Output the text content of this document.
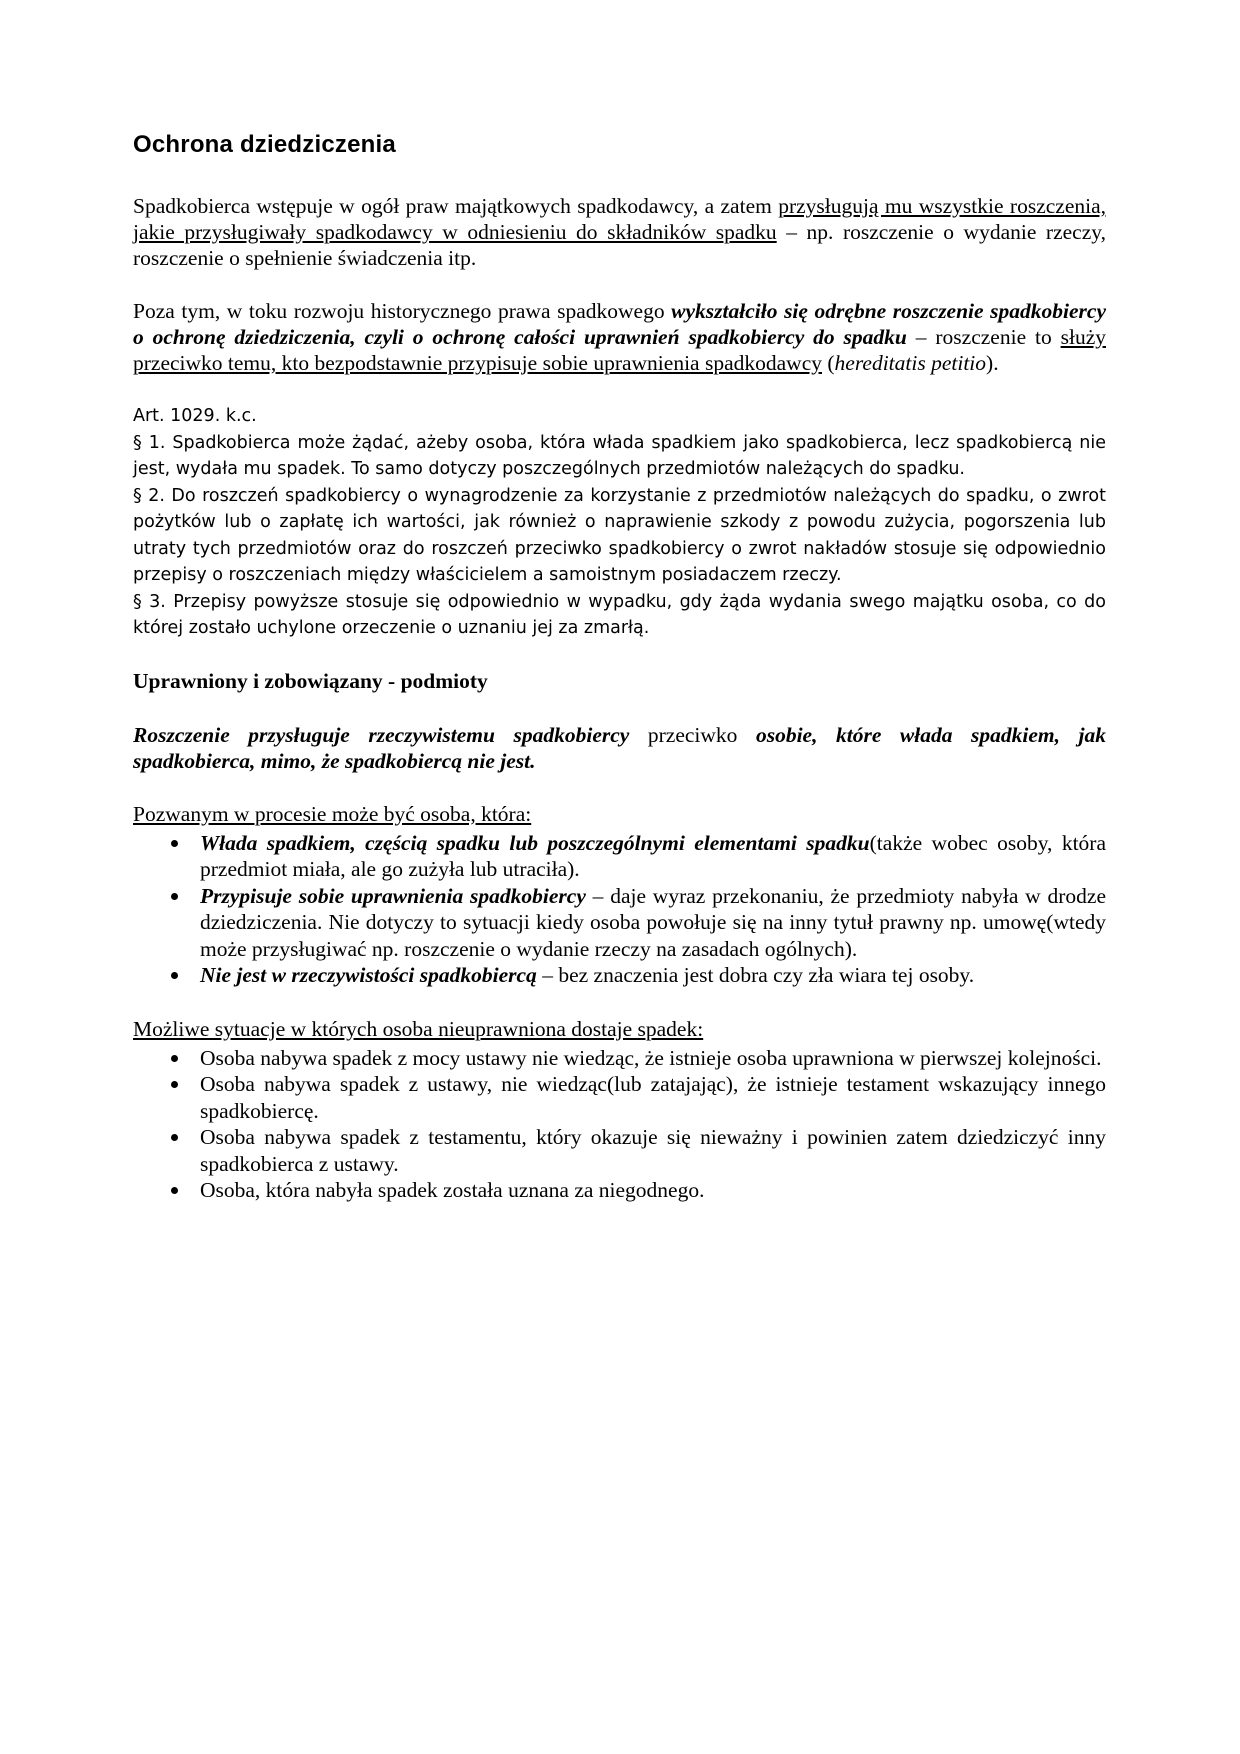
Ochrona dziedziczenia

Spadkobierca wstępuje w ogół praw majątkowych spadkodawcy, a zatem przysługują mu wszystkie roszczenia, jakie przysługiwały spadkodawcy w odniesieniu do składników spadku – np. roszczenie o wydanie rzeczy, roszczenie o spełnienie świadczenia itp.

Poza tym, w toku rozwoju historycznego prawa spadkowego wykształciło się odrębne roszczenie spadkobiercy o ochronę dziedziczenia, czyli o ochronę całości uprawnień spadkobiercy do spadku – roszczenie to służy przeciwko temu, kto bezpodstawnie przypisuje sobie uprawnienia spadkodawcy (hereditatis petitio).

Art. 1029. k.c.

§ 1. Spadkobierca może żądać, ażeby osoba, która włada spadkiem jako spadkobierca, lecz spadkobiercą nie jest, wydała mu spadek. To samo dotyczy poszczególnych przedmiotów należących do spadku.

§ 2. Do roszczeń spadkobiercy o wynagrodzenie za korzystanie z przedmiotów należących do spadku, o zwrot pożytków lub o zapłatę ich wartości, jak również o naprawienie szkody z powodu zużycia, pogorszenia lub utraty tych przedmiotów oraz do roszczeń przeciwko spadkobiercy o zwrot nakładów stosuje się odpowiednio przepisy o roszczeniach między właścicielem a samoistnym posiadaczem rzeczy.

§ 3. Przepisy powyższe stosuje się odpowiednio w wypadku, gdy żąda wydania swego majątku osoba, co do której zostało uchylone orzeczenie o uznaniu jej za zmarłą.

Uprawniony i zobowiązany - podmioty

Roszczenie przysługuje rzeczywistemu spadkobiercy przeciwko osobie, które włada spadkiem, jak spadkobierca, mimo, że spadkobiercą nie jest.

Pozwanym w procesie może być osoba, która:
Włada spadkiem, częścią spadku lub poszczególnymi elementami spadku(także wobec osoby, która przedmiot miała, ale go zużyła lub utraciła).
Przypisuje sobie uprawnienia spadkobiercy – daje wyraz przekonaniu, że przedmioty nabyła w drodze dziedziczenia. Nie dotyczy to sytuacji kiedy osoba powołuje się na inny tytuł prawny np. umowę(wtedy może przysługiwać np. roszczenie o wydanie rzeczy na zasadach ogólnych).
Nie jest w rzeczywistości spadkobiercą – bez znaczenia jest dobra czy zła wiara tej osoby.
Możliwe sytuacje w których osoba nieuprawniona dostaje spadek:
Osoba nabywa spadek z mocy ustawy nie wiedząc, że istnieje osoba uprawniona w pierwszej kolejności.
Osoba nabywa spadek z ustawy, nie wiedząc(lub zatajając), że istnieje testament wskazujący innego spadkobiercę.
Osoba nabywa spadek z testamentu, który okazuje się nieważny i powinien zatem dziedziczyć inny spadkobierca z ustawy.
Osoba, która nabyła spadek została uznana za niegodnego.
